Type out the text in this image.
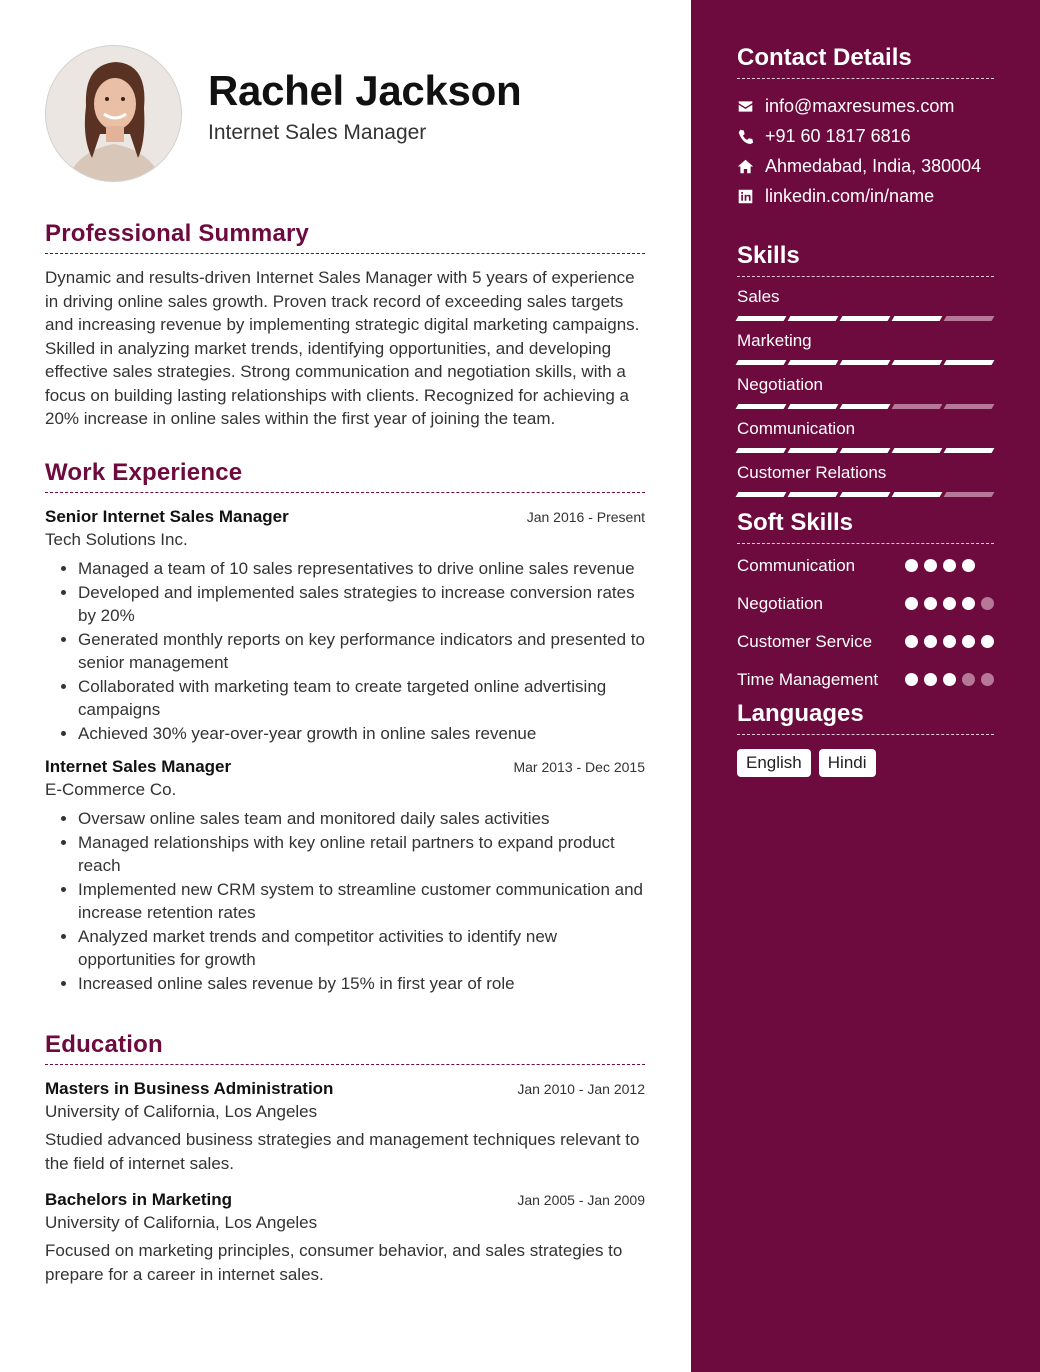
Rachel Jackson
Internet Sales Manager
Professional Summary
Dynamic and results-driven Internet Sales Manager with 5 years of experience in driving online sales growth. Proven track record of exceeding sales targets and increasing revenue by implementing strategic digital marketing campaigns. Skilled in analyzing market trends, identifying opportunities, and developing effective sales strategies. Strong communication and negotiation skills, with a focus on building lasting relationships with clients. Recognized for achieving a 20% increase in online sales within the first year of joining the team.
Work Experience
Senior Internet Sales Manager	Jan 2016 - Present
Tech Solutions Inc.
• Managed a team of 10 sales representatives to drive online sales revenue
• Developed and implemented sales strategies to increase conversion rates by 20%
• Generated monthly reports on key performance indicators and presented to senior management
• Collaborated with marketing team to create targeted online advertising campaigns
• Achieved 30% year-over-year growth in online sales revenue
Internet Sales Manager	Mar 2013 - Dec 2015
E-Commerce Co.
• Oversaw online sales team and monitored daily sales activities
• Managed relationships with key online retail partners to expand product reach
• Implemented new CRM system to streamline customer communication and increase retention rates
• Analyzed market trends and competitor activities to identify new opportunities for growth
• Increased online sales revenue by 15% in first year of role
Education
Masters in Business Administration	Jan 2010 - Jan 2012
University of California, Los Angeles
Studied advanced business strategies and management techniques relevant to the field of internet sales.
Bachelors in Marketing	Jan 2005 - Jan 2009
University of California, Los Angeles
Focused on marketing principles, consumer behavior, and sales strategies to prepare for a career in internet sales.
Contact Details
info@maxresumes.com
+91 60 1817 6816
Ahmedabad, India, 380004
linkedin.com/in/name
Skills
Sales
Marketing
Negotiation
Communication
Customer Relations
Soft Skills
Communication
Negotiation
Customer Service
Time Management
Languages
English	Hindi
